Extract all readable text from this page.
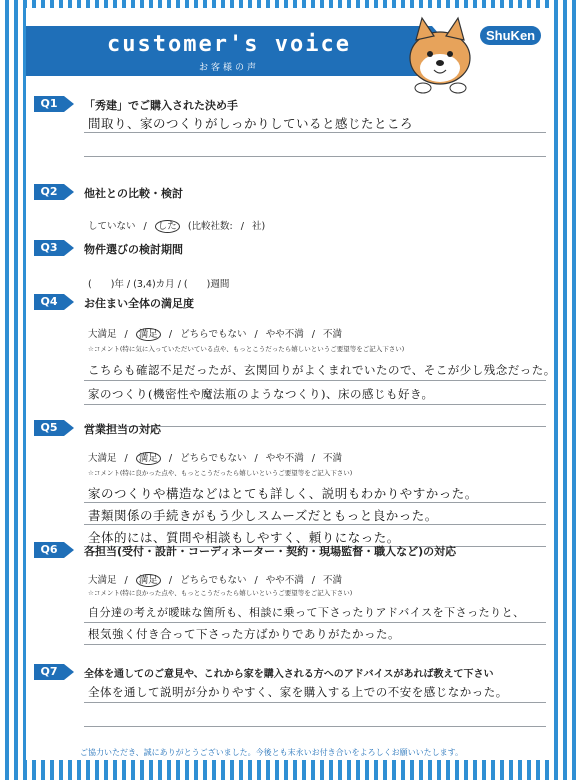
customer's voice
お客様の声
ShuKen
Q1	「秀建」でご購入された決め手
間取り、家のつくりがしっかりしていると感じたところ
Q2	他社との比較・検討
していない / した (比較社数: / 社)
Q3	物件選びの検討期間
(　　)年 / (3,4)カ月 / (　　)週間
Q4	お住まい全体の満足度
大満足 / 満足 / どちらでもない / やや不満 / 不満
☆コメント(特に気に入っていただいている点や、もっとこうだったら嬉しいというご要望等をご記入下さい)
こちらも確認不足だったが、玄関回りがよくまれでいたので、そこが少し残念だった。
家のつくり(機密性や魔法瓶のようなつくり)、床の感じも好き。
Q5	営業担当の対応
大満足 / 満足 / どちらでもない / やや不満 / 不満
☆コメント(特に良かった点や、もっとこうだったら嬉しいというご要望等をご記入下さい)
家のつくりや構造などはとても詳しく、説明もわかりやすかった。
書類関係の手続きがもう少しスムーズだともっと良かった。
全体的には、質問や相談もしやすく、頼りになった。
Q6	各担当(受付・設計・コーディネーター・契約・現場監督・職人など)の対応
大満足 / 満足 / どちらでもない / やや不満 / 不満
☆コメント(特に良かった点や、もっとこうだったら嬉しいというご要望等をご記入下さい)
自分達の考えが曖昧な箇所も、相談に乗って下さったりアドバイスを下さったりと、
根気強く付き合って下さった方ばかりでありがたかった。
Q7	全体を通してのご意見や、これから家を購入される方へのアドバイスがあれば教えて下さい
全体を通して説明が分かりやすく、家を購入する上での不安を感じなかった。
ご協力いただき、誠にありがとうございました。今後とも末永いお付き合いをよろしくお願いいたします。
